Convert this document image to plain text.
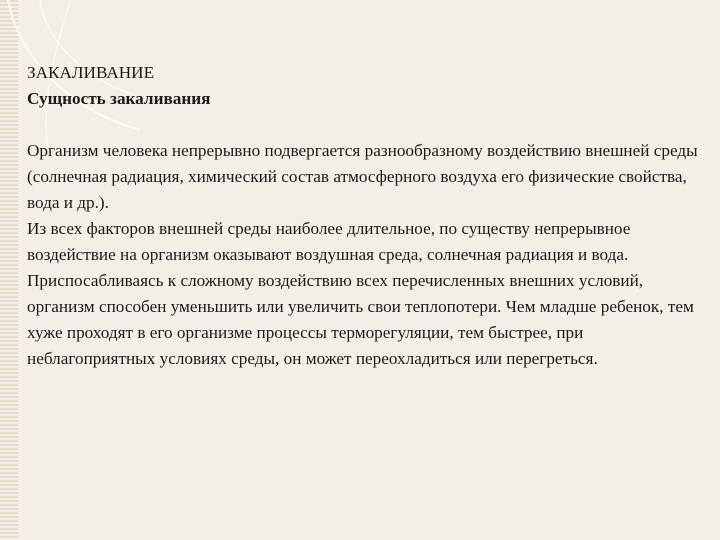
ЗАКАЛИВАНИЕ

Сущность закаливания

Организм человека непрерывно подвергается разнообразному воздействию внешней среды (солнечная радиация, химический состав атмосферного воздуха его физические свойства, вода и др.).

Из всех факторов внешней среды наиболее длительное, по существу непрерывное воздействие на организм оказывают воздушная среда, солнечная радиация и вода.

Приспосабливаясь к сложному воздействию всех перечисленных внешних условий, организм способен уменьшить или увеличить свои теплопотери. Чем младше ребенок, тем хуже проходят в его организме процессы терморегуляции, тем быстрее, при неблагоприятных условиях среды, он может переохладиться или перегреться.
